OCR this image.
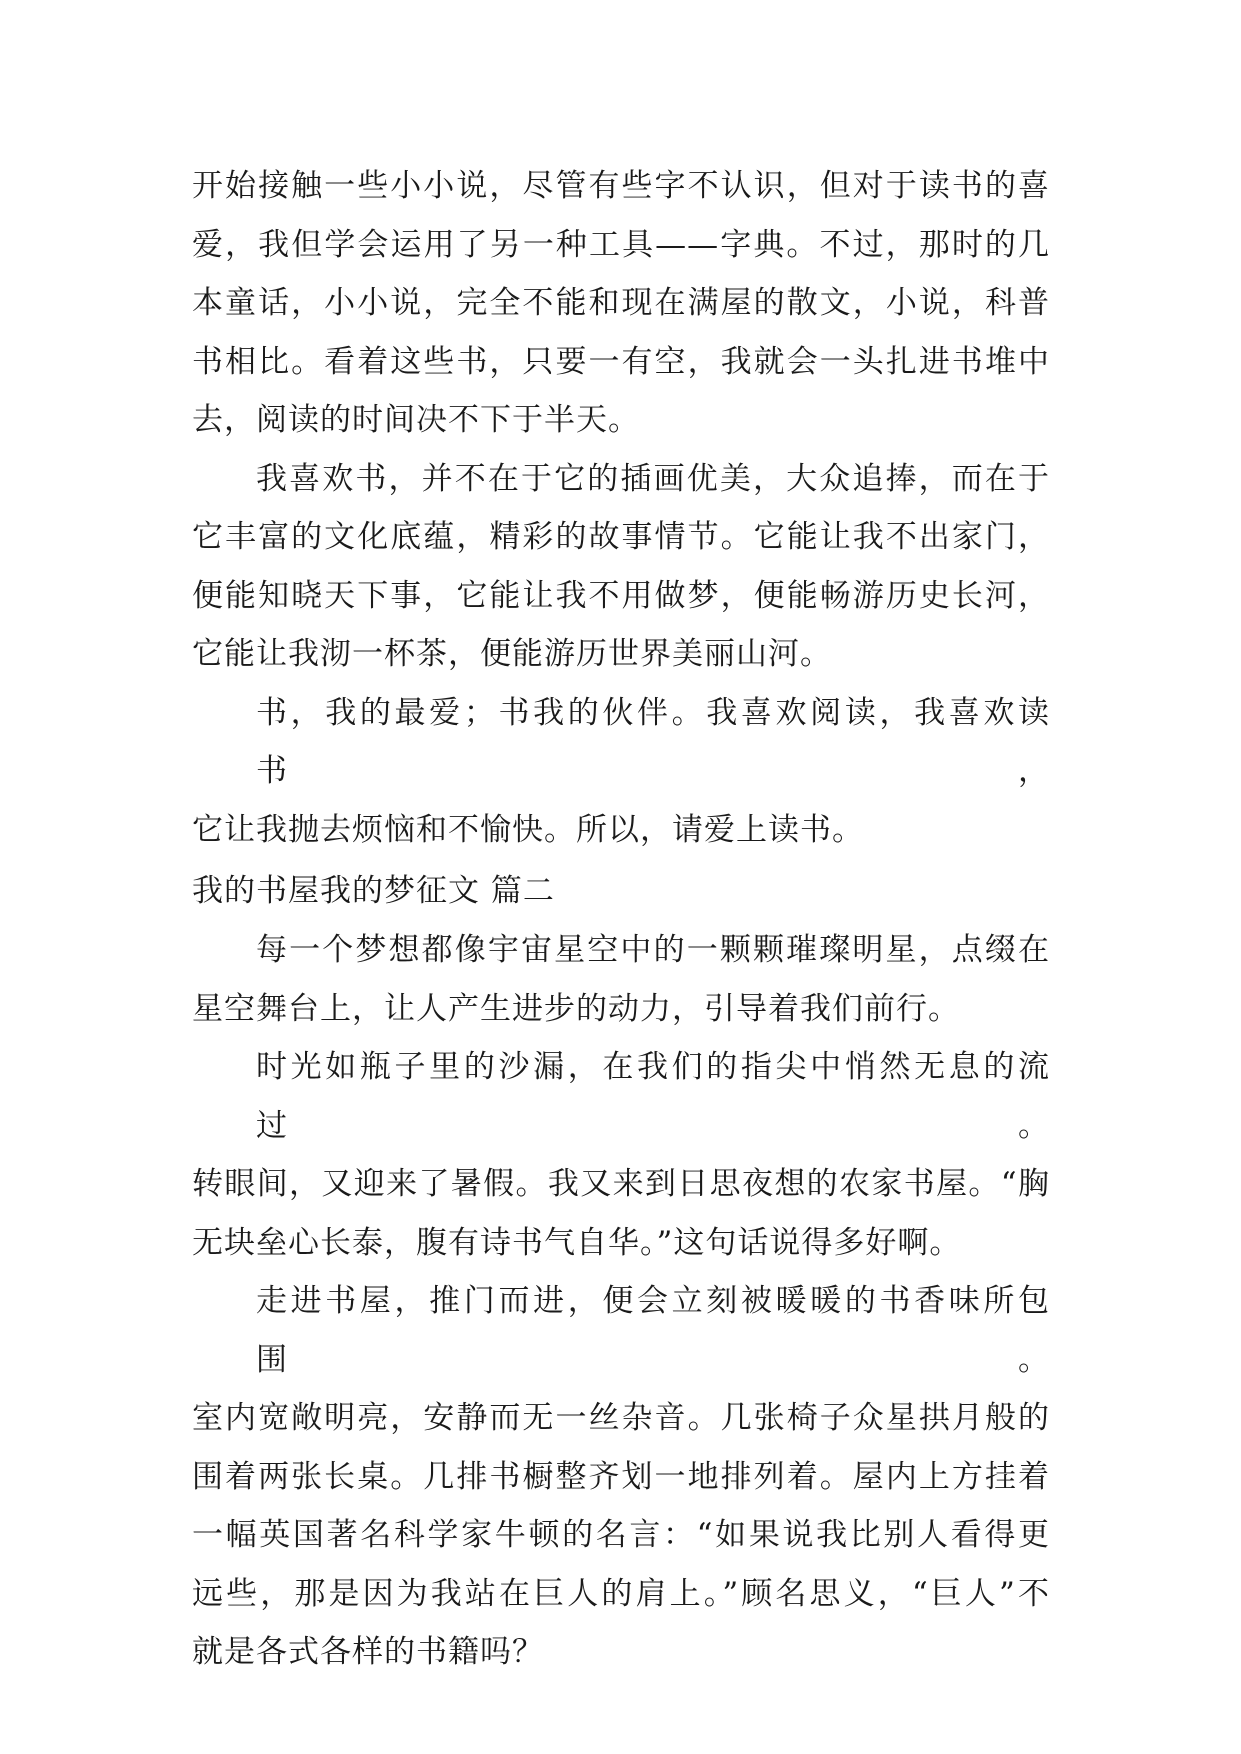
开始接触一些小小说，尽管有些字不认识，但对于读书的喜
爱，我但学会运用了另一种工具——字典。不过，那时的几
本童话，小小说，完全不能和现在满屋的散文，小说，科普
书相比。看着这些书，只要一有空，我就会一头扎进书堆中
去，阅读的时间决不下于半天。
我喜欢书，并不在于它的插画优美，大众追捧，而在于
它丰富的文化底蕴，精彩的故事情节。它能让我不出家门，
便能知晓天下事，它能让我不用做梦，便能畅游历史长河，
它能让我沏一杯茶，便能游历世界美丽山河。
书，我的最爱；书我的伙伴。我喜欢阅读，我喜欢读书，
它让我抛去烦恼和不愉快。所以，请爱上读书。
我的书屋我的梦征文 篇二
每一个梦想都像宇宙星空中的一颗颗璀璨明星，点缀在
星空舞台上，让人产生进步的动力，引导着我们前行。
时光如瓶子里的沙漏，在我们的指尖中悄然无息的流过。
转眼间，又迎来了暑假。我又来到日思夜想的农家书屋。“胸
无块垒心长泰，腹有诗书气自华。”这句话说得多好啊。
走进书屋，推门而进，便会立刻被暖暖的书香味所包围。
室内宽敞明亮，安静而无一丝杂音。几张椅子众星拱月般的
围着两张长桌。几排书橱整齐划一地排列着。屋内上方挂着
一幅英国著名科学家牛顿的名言：“如果说我比别人看得更
远些，那是因为我站在巨人的肩上。”顾名思义，“巨人”不
就是各式各样的书籍吗？
